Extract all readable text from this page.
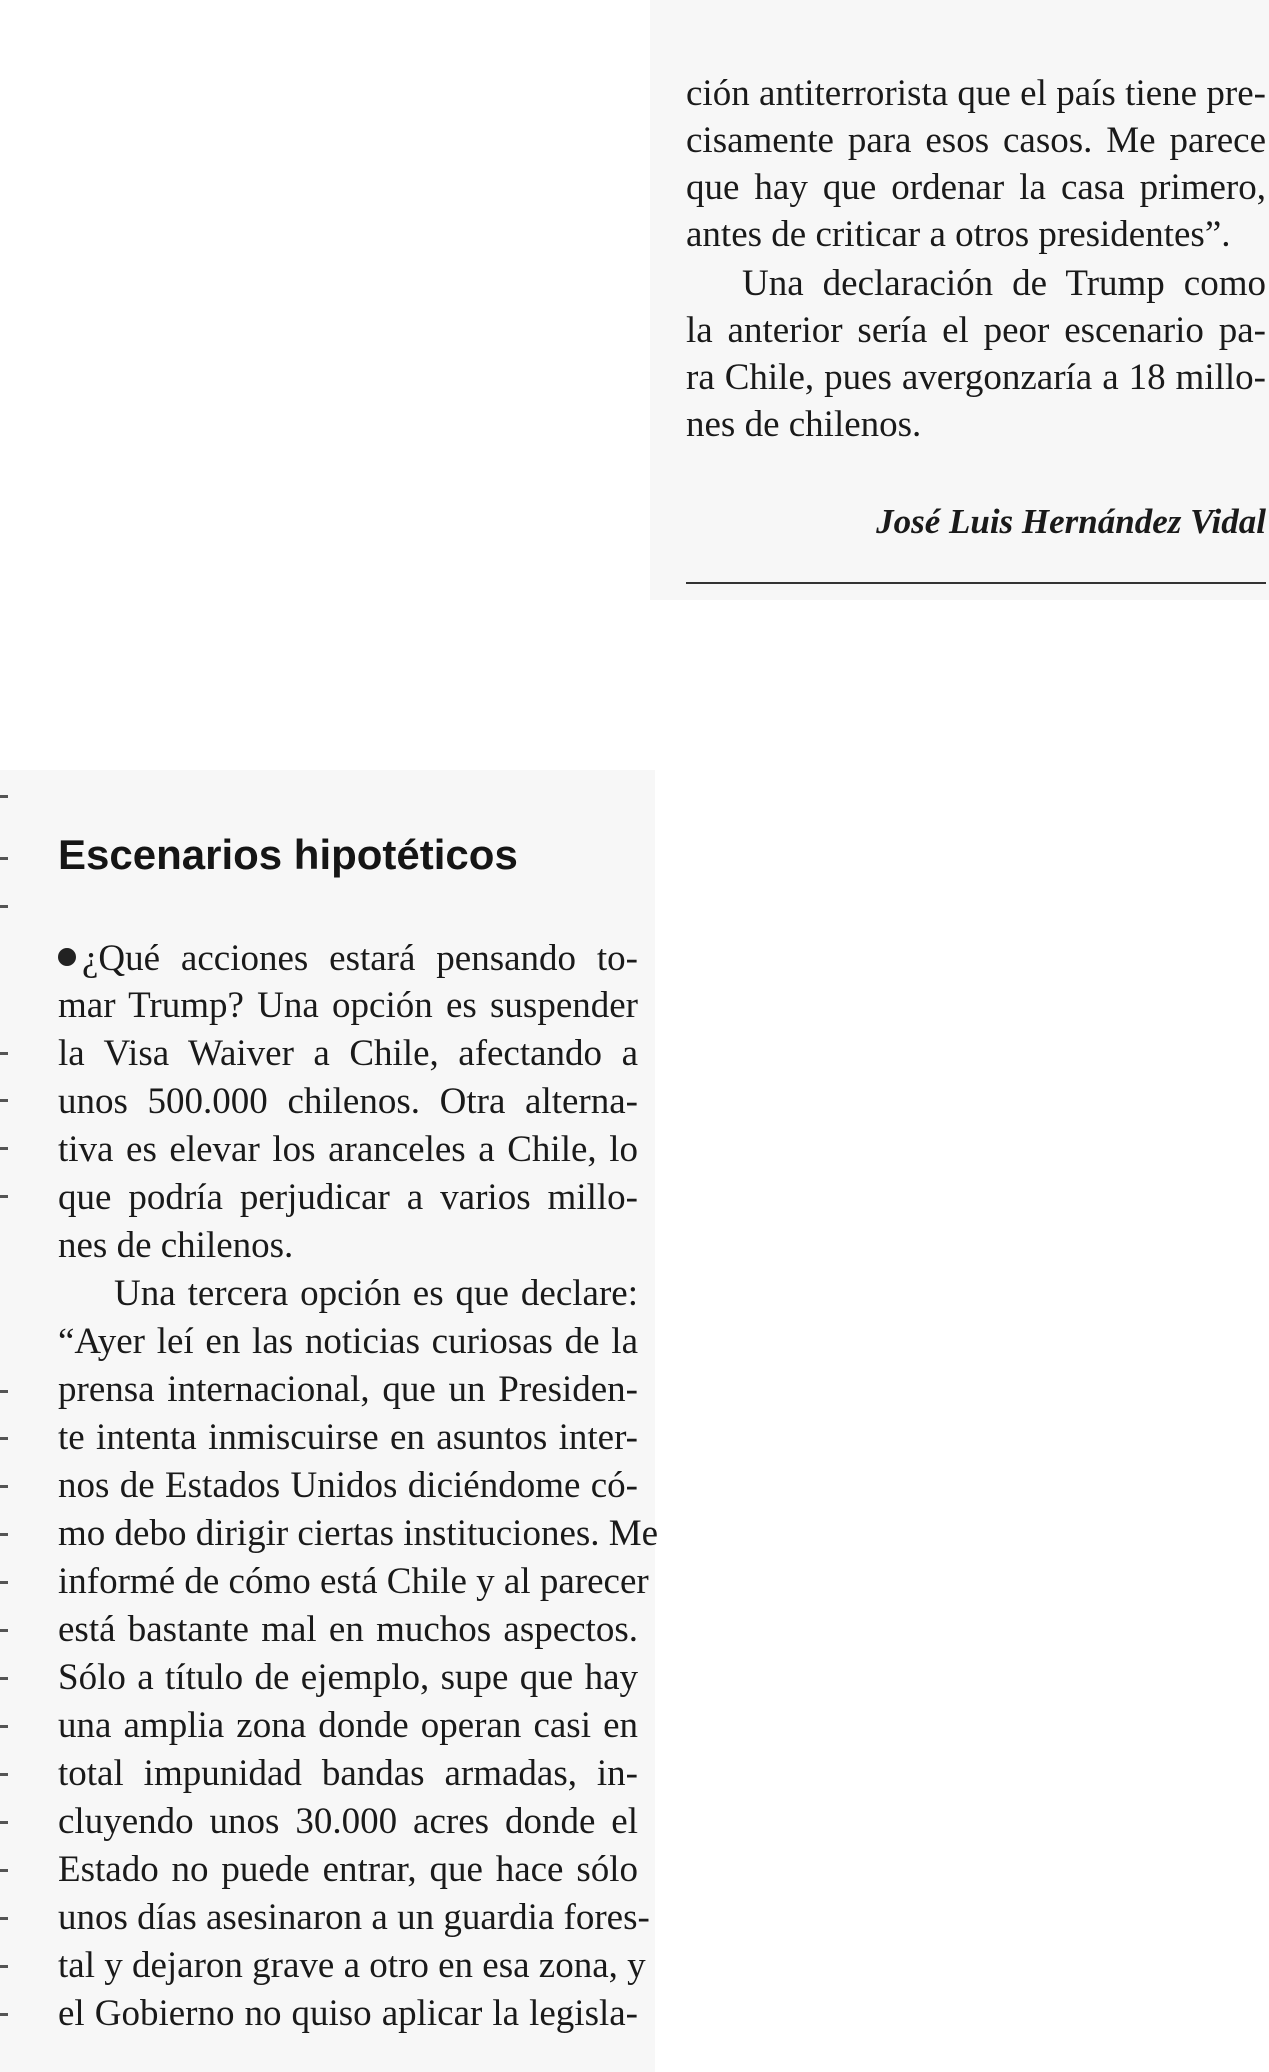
ción antiterrorista que el país tiene pre-

cisamente para esos casos. Me parece

que hay que ordenar la casa primero,

antes de criticar a otros presidentes”.

Una declaración de Trump como

la anterior sería el peor escenario pa-

ra Chile, pues avergonzaría a 18 millo-

nes de chilenos.

José Luis Hernández Vidal

Escenarios hipotéticos

¿Qué acciones estará pensando to-

mar Trump? Una opción es suspender

la Visa Waiver a Chile, afectando a

unos 500.000 chilenos. Otra alterna-

tiva es elevar los aranceles a Chile, lo

que podría perjudicar a varios millo-

nes de chilenos.

Una tercera opción es que declare:

“Ayer leí en las noticias curiosas de la

prensa internacional, que un Presiden-

te intenta inmiscuirse en asuntos inter-

nos de Estados Unidos diciéndome có-

mo debo dirigir ciertas instituciones. Me

informé de cómo está Chile y al parecer

está bastante mal en muchos aspectos.

Sólo a título de ejemplo, supe que hay

una amplia zona donde operan casi en

total impunidad bandas armadas, in-

cluyendo unos 30.000 acres donde el

Estado no puede entrar, que hace sólo

unos días asesinaron a un guardia fores-

tal y dejaron grave a otro en esa zona, y

el Gobierno no quiso aplicar la legisla-
